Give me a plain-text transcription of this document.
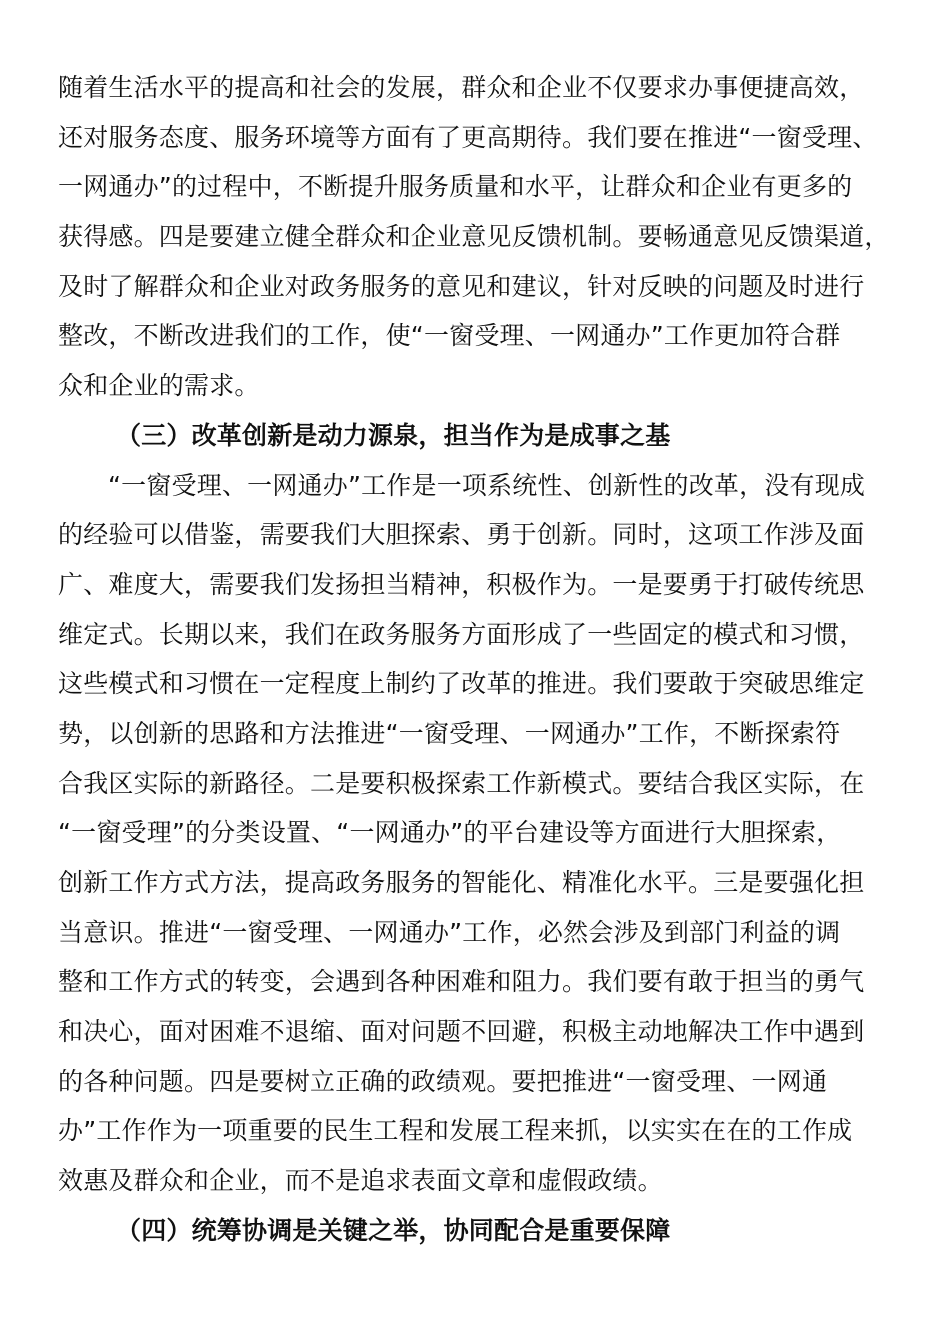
随着生活水平的提高和社会的发展，群众和企业不仅要求办事便捷高效，
还对服务态度、服务环境等方面有了更高期待。我们要在推进“一窗受理、
一网通办”的过程中，不断提升服务质量和水平，让群众和企业有更多的
获得感。四是要建立健全群众和企业意见反馈机制。要畅通意见反馈渠道，
及时了解群众和企业对政务服务的意见和建议，针对反映的问题及时进行
整改，不断改进我们的工作，使“一窗受理、一网通办”工作更加符合群
众和企业的需求。
（三）改革创新是动力源泉，担当作为是成事之基
“一窗受理、一网通办”工作是一项系统性、创新性的改革，没有现成
的经验可以借鉴，需要我们大胆探索、勇于创新。同时，这项工作涉及面
广、难度大，需要我们发扬担当精神，积极作为。一是要勇于打破传统思
维定式。长期以来，我们在政务服务方面形成了一些固定的模式和习惯，
这些模式和习惯在一定程度上制约了改革的推进。我们要敢于突破思维定
势，以创新的思路和方法推进“一窗受理、一网通办”工作，不断探索符
合我区实际的新路径。二是要积极探索工作新模式。要结合我区实际，在
“一窗受理”的分类设置、“一网通办”的平台建设等方面进行大胆探索，
创新工作方式方法，提高政务服务的智能化、精准化水平。三是要强化担
当意识。推进“一窗受理、一网通办”工作，必然会涉及到部门利益的调
整和工作方式的转变，会遇到各种困难和阻力。我们要有敢于担当的勇气
和决心，面对困难不退缩、面对问题不回避，积极主动地解决工作中遇到
的各种问题。四是要树立正确的政绩观。要把推进“一窗受理、一网通
办”工作作为一项重要的民生工程和发展工程来抓，以实实在在的工作成
效惠及群众和企业，而不是追求表面文章和虚假政绩。
（四）统筹协调是关键之举，协同配合是重要保障
